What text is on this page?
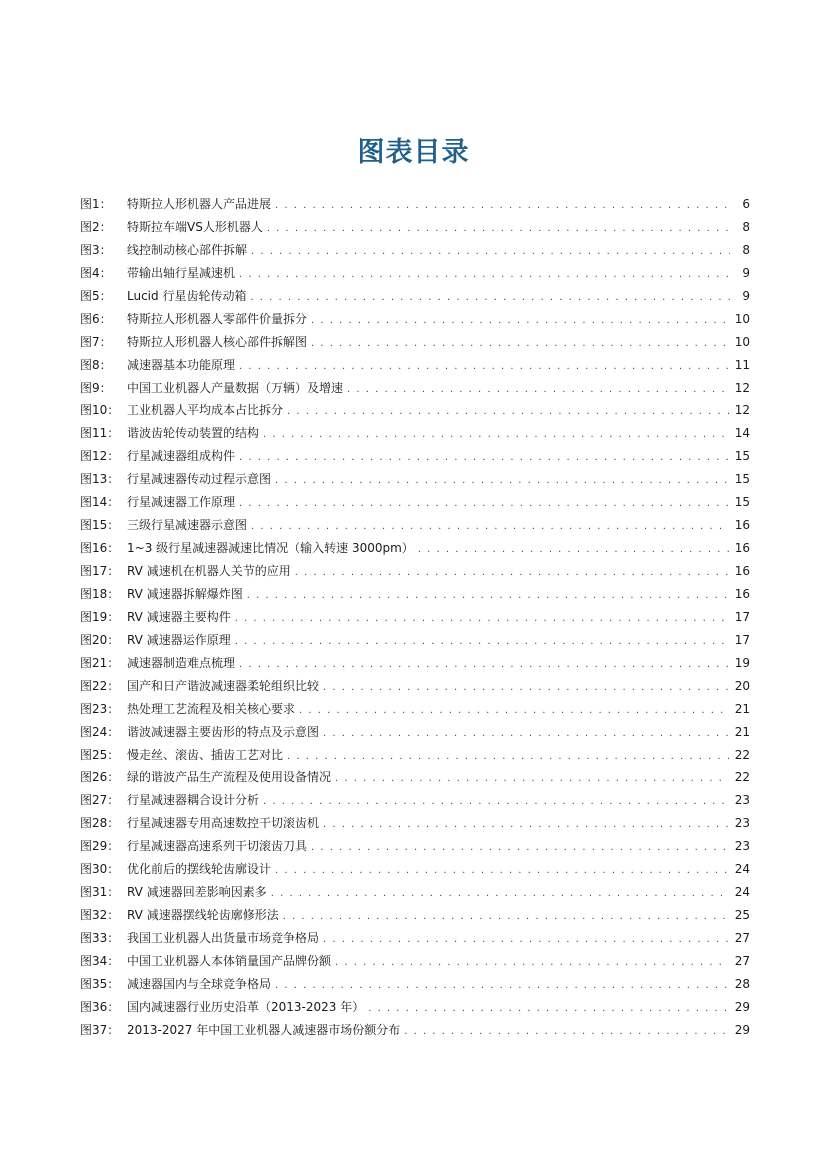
图表目录
图1：	特斯拉人形机器人产品进展 . . .	6
图2：	特斯拉车端VS人形机器人 . . .	8
图3：	线控制动核心部件拆解 . . .	8
图4：	带输出轴行星减速机 . . .	9
图5：	Lucid 行星齿轮传动箱 . . .	9
图6：	特斯拉人形机器人零部件价量拆分 . . .	10
图7：	特斯拉人形机器人核心部件拆解图 . . .	10
图8：	减速器基本功能原理 . . .	11
图9：	中国工业机器人产量数据（万辆）及增速 . . .	12
图10： 工业机器人平均成本占比拆分 . . .	12
图11： 谐波齿轮传动装置的结构 . . .	14
图12： 行星减速器组成构件 . . .	15
图13： 行星减速器传动过程示意图 . . .	15
图14： 行星减速器工作原理 . . .	15
图15： 三级行星减速器示意图 . . .	16
图16： 1~3 级行星减速器减速比情况（输入转速 3000pm） . . .	16
图17： RV 减速机在机器人关节的应用 . . .	16
图18： RV 减速器拆解爆炸图 . . .	16
图19： RV 减速器主要构件 . . .	17
图20： RV 减速器运作原理 . . .	17
图21： 减速器制造难点梳理 . . .	19
图22： 国产和日产谐波减速器柔轮组织比较 . . .	20
图23： 热处理工艺流程及相关核心要求 . . .	21
图24： 谐波减速器主要齿形的特点及示意图 . . .	21
图25： 慢走丝、滚齿、插齿工艺对比 . . .	22
图26： 绿的谐波产品生产流程及使用设备情况 . . .	22
图27： 行星减速器耦合设计分析 . . .	23
图28： 行星减速器专用高速数控干切滚齿机 . . .	23
图29： 行星减速器高速系列干切滚齿刀具 . . .	23
图30： 优化前后的摆线轮齿廓设计 . . .	24
图31： RV 减速器回差影响因素多 . . .	24
图32： RV 减速器摆线轮齿廓修形法 . . .	25
图33： 我国工业机器人出货量市场竞争格局 . . .	27
图34： 中国工业机器人本体销量国产品牌份额 . . .	27
图35： 减速器国内与全球竞争格局 . . .	28
图36： 国内减速器行业历史沿革（2013-2023 年） . . .	29
图37： 2013-2027 年中国工业机器人减速器市场份额分布 . . .	29
